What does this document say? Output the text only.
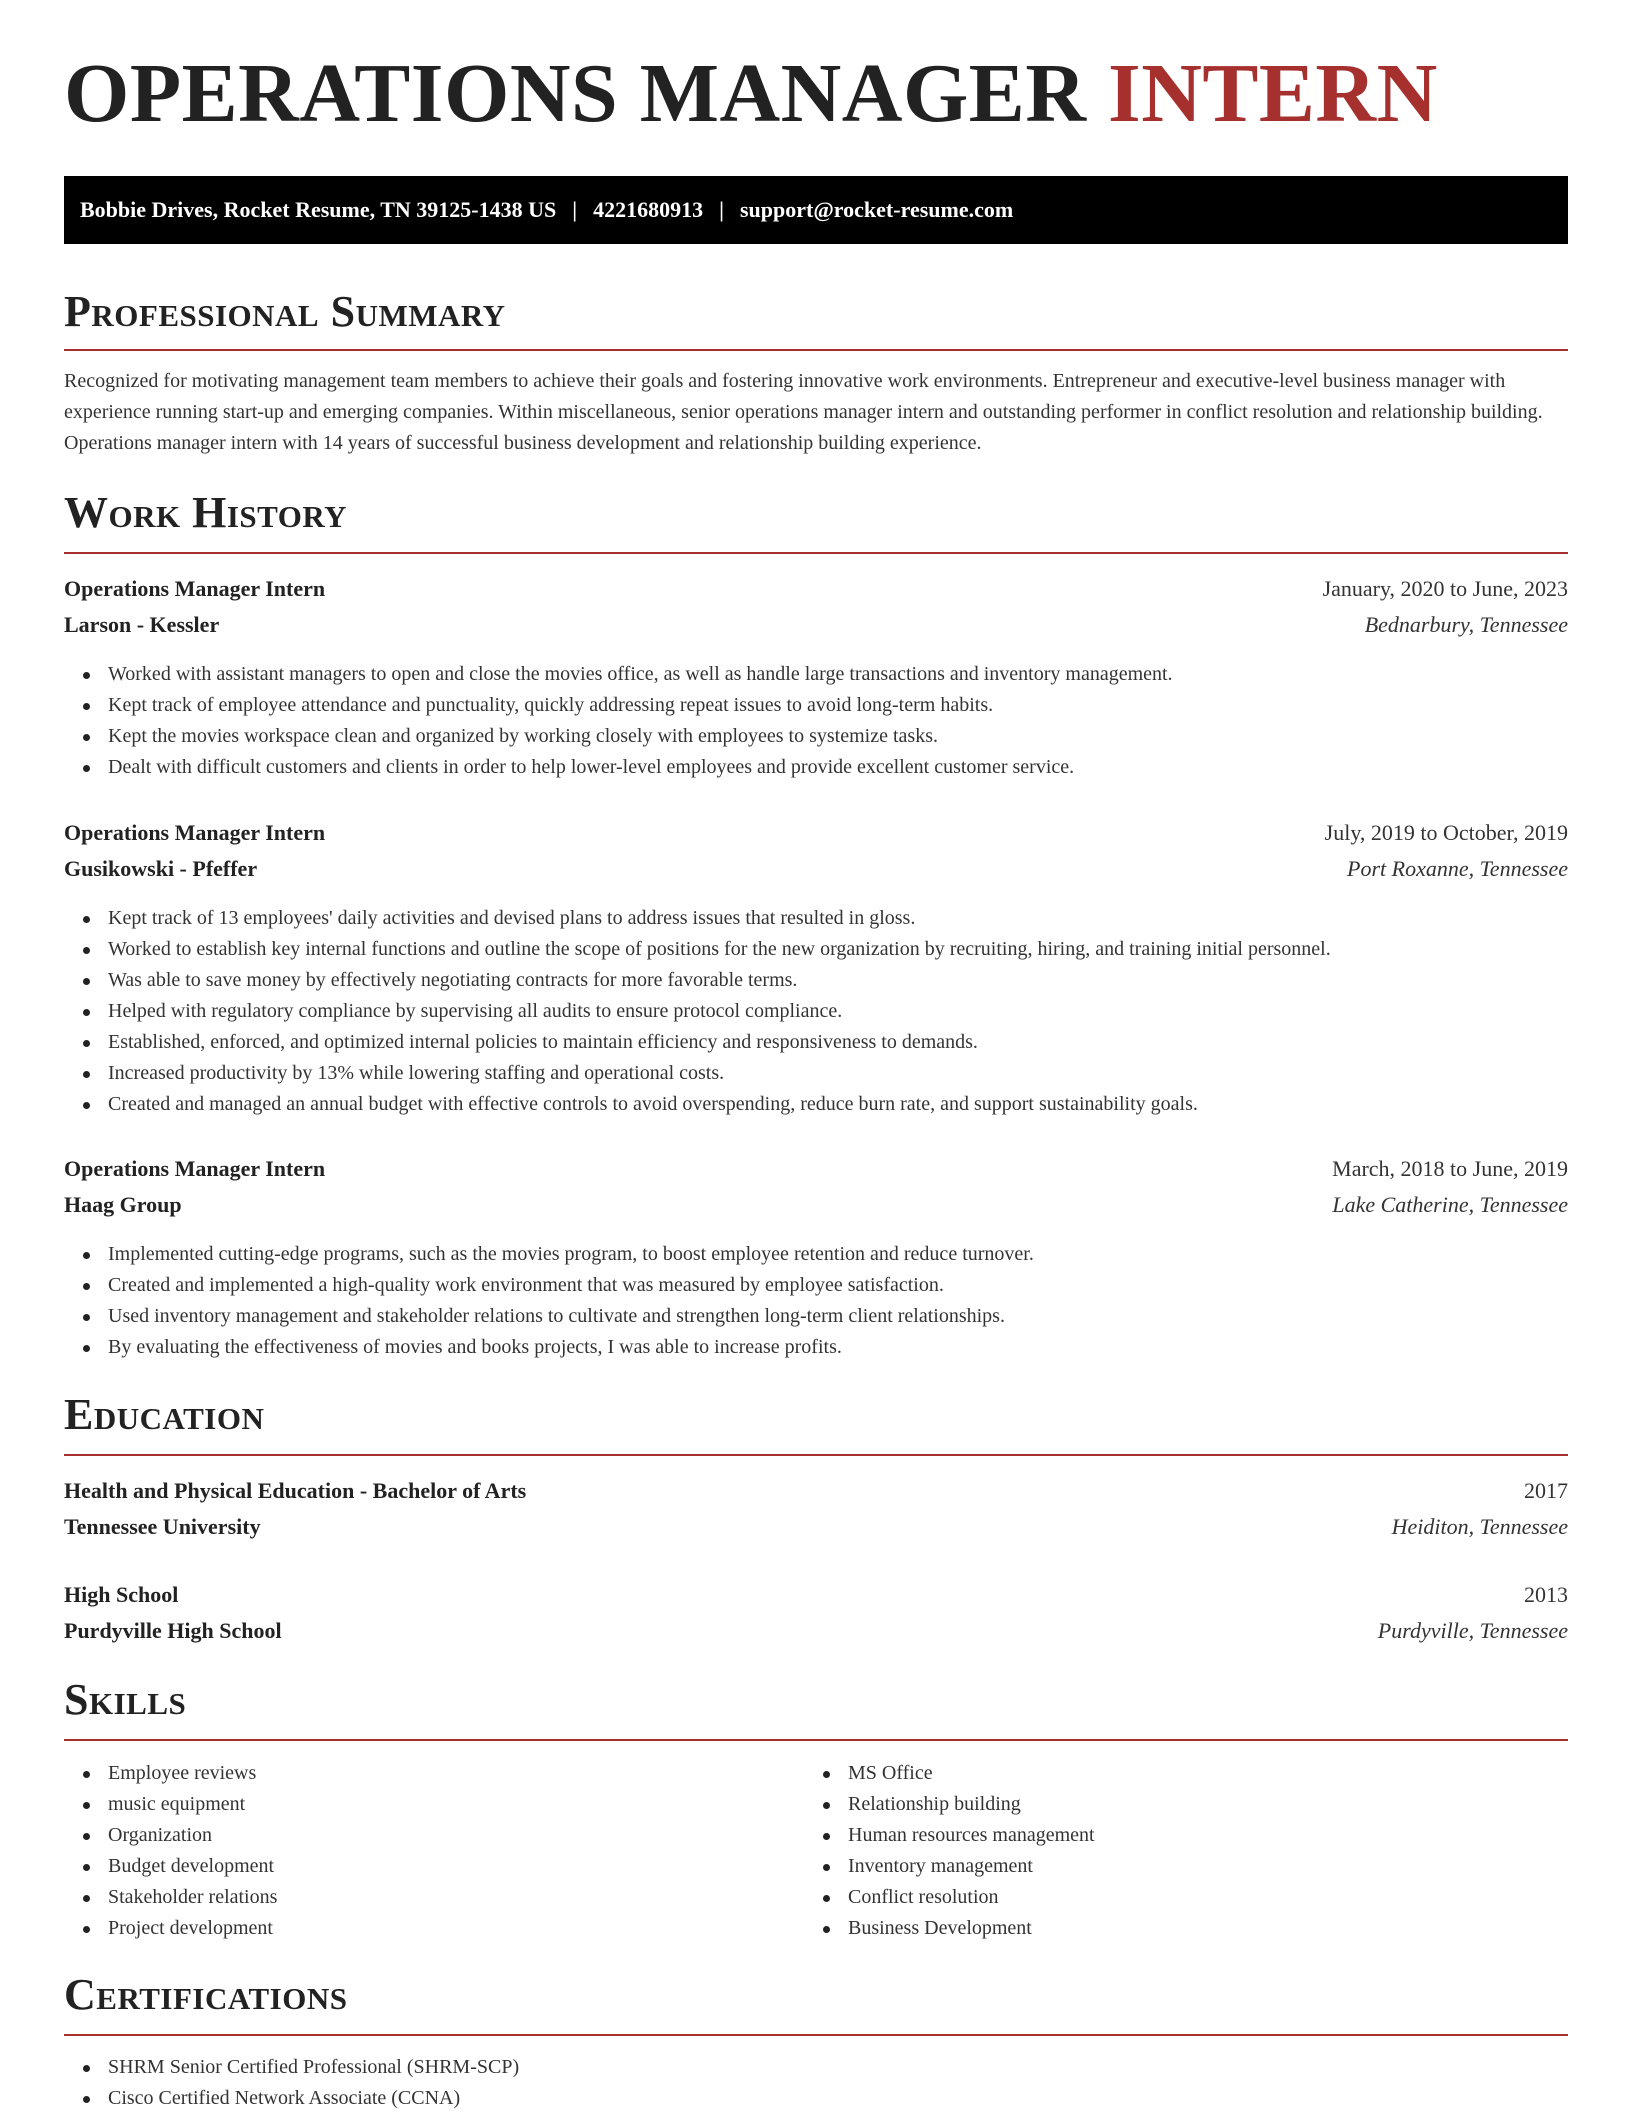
OPERATIONS MANAGER INTERN
Bobbie Drives, Rocket Resume, TN 39125-1438 US | 4221680913 | support@rocket-resume.com
Professional Summary

Recognized for motivating management team members to achieve their goals and fostering innovative work environments. Entrepreneur and executive-level business manager with experience running start-up and emerging companies. Within miscellaneous, senior operations manager intern and outstanding performer in conflict resolution and relationship building. Operations manager intern with 14 years of successful business development and relationship building experience.

Work History
Operations Manager Intern	January, 2020 to June, 2023
Larson - Kessler	Bednarbury, Tennessee
Worked with assistant managers to open and close the movies office, as well as handle large transactions and inventory management.
Kept track of employee attendance and punctuality, quickly addressing repeat issues to avoid long-term habits.
Kept the movies workspace clean and organized by working closely with employees to systemize tasks.
Dealt with difficult customers and clients in order to help lower-level employees and provide excellent customer service.
Operations Manager Intern	July, 2019 to October, 2019
Gusikowski - Pfeffer	Port Roxanne, Tennessee
Kept track of 13 employees' daily activities and devised plans to address issues that resulted in gloss.
Worked to establish key internal functions and outline the scope of positions for the new organization by recruiting, hiring, and training initial personnel.
Was able to save money by effectively negotiating contracts for more favorable terms.
Helped with regulatory compliance by supervising all audits to ensure protocol compliance.
Established, enforced, and optimized internal policies to maintain efficiency and responsiveness to demands.
Increased productivity by 13% while lowering staffing and operational costs.
Created and managed an annual budget with effective controls to avoid overspending, reduce burn rate, and support sustainability goals.
Operations Manager Intern	March, 2018 to June, 2019
Haag Group	Lake Catherine, Tennessee
Implemented cutting-edge programs, such as the movies program, to boost employee retention and reduce turnover.
Created and implemented a high-quality work environment that was measured by employee satisfaction.
Used inventory management and stakeholder relations to cultivate and strengthen long-term client relationships.
By evaluating the effectiveness of movies and books projects, I was able to increase profits.
Education
Health and Physical Education - Bachelor of Arts	2017
Tennessee University	Heiditon, Tennessee
High School	2013
Purdyville High School	Purdyville, Tennessee
Skills
Employee reviews
music equipment
Organization
Budget development
Stakeholder relations
Project development
MS Office
Relationship building
Human resources management
Inventory management
Conflict resolution
Business Development
Certifications
SHRM Senior Certified Professional (SHRM-SCP)
Cisco Certified Network Associate (CCNA)
